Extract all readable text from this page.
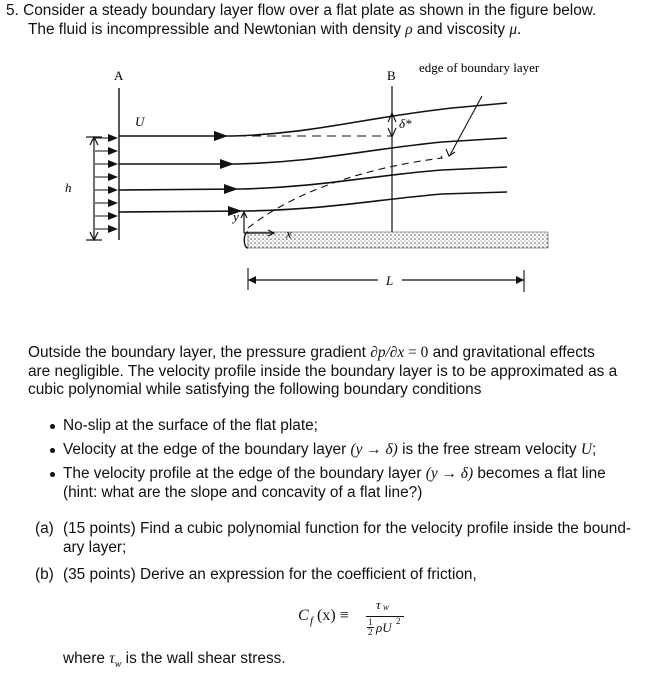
5. Consider a steady boundary layer flow over a flat plate as shown in the figure below.
The fluid is incompressible and Newtonian with density ρ and viscosity μ.
A	B
edge of boundary layer
U	δ*
h
y
x
L
Outside the boundary layer, the pressure gradient ∂p/∂x = 0 and gravitational effects
are negligible. The velocity profile inside the boundary layer is to be approximated as a
cubic polynomial while satisfying the following boundary conditions
No-slip at the surface of the flat plate;
Velocity at the edge of the boundary layer (y → δ) is the free stream velocity U;
The velocity profile at the edge of the boundary layer (y → δ) becomes a flat line
(hint: what are the slope and concavity of a flat line?)
(a) (15 points) Find a cubic polynomial function for the velocity profile inside the bound-
ary layer;
(b) (35 points) Derive an expression for the coefficient of friction,
C f (x) ≡
τ w
1
2 ρU 2
where $\tau_w$ is the wall shear stress.
